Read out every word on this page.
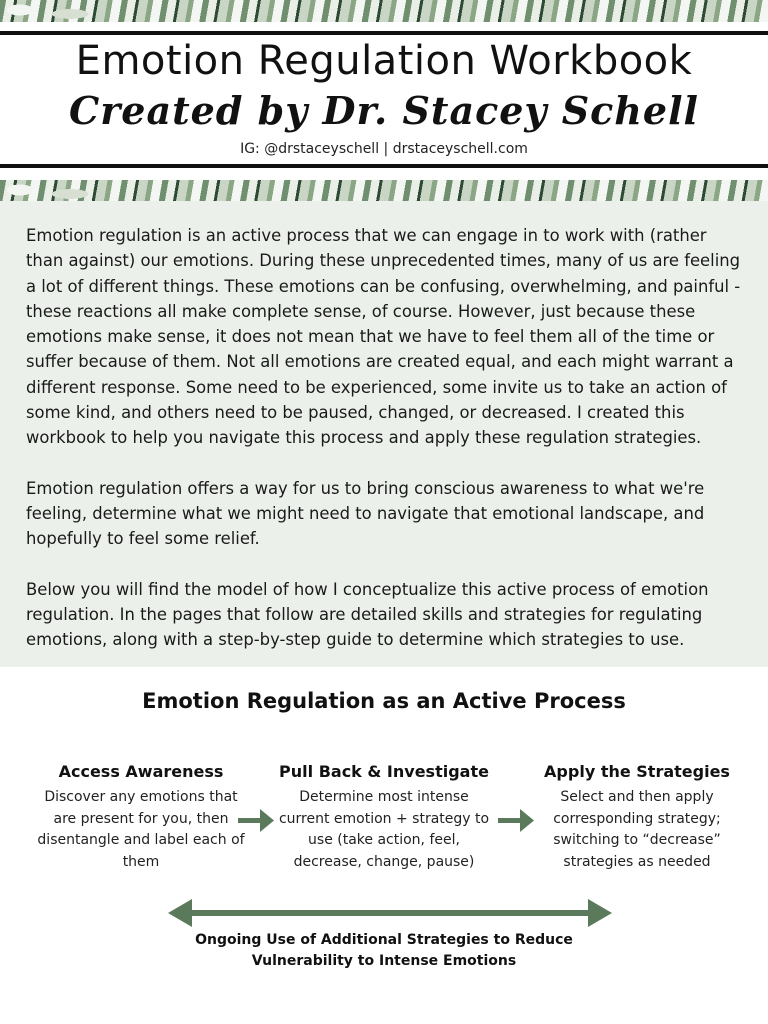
Emotion Regulation Workbook
Created by Dr. Stacey Schell
IG: @drstaceyschell | drstaceyschell.com

Emotion regulation is an active process that we can engage in to work with (rather than against) our emotions. During these unprecedented times, many of us are feeling a lot of different things. These emotions can be confusing, overwhelming, and painful - these reactions all make complete sense, of course. However, just because these emotions make sense, it does not mean that we have to feel them all of the time or suffer because of them. Not all emotions are created equal, and each might warrant a different response. Some need to be experienced, some invite us to take an action of some kind, and others need to be paused, changed, or decreased. I created this workbook to help you navigate this process and apply these regulation strategies.

Emotion regulation offers a way for us to bring conscious awareness to what we're feeling, determine what we might need to navigate that emotional landscape, and hopefully to feel some relief.

Below you will find the model of how I conceptualize this active process of emotion regulation. In the pages that follow are detailed skills and strategies for regulating emotions, along with a step-by-step guide to determine which strategies to use.

Emotion Regulation as an Active Process
Access Awareness
Discover any emotions that are present for you, then disentangle and label each of them
Pull Back & Investigate
Determine most intense current emotion + strategy to use (take action, feel, decrease, change, pause)
Apply the Strategies
Select and then apply corresponding strategy; switching to “decrease” strategies as needed
Ongoing Use of Additional Strategies to Reduce
Vulnerability to Intense Emotions
